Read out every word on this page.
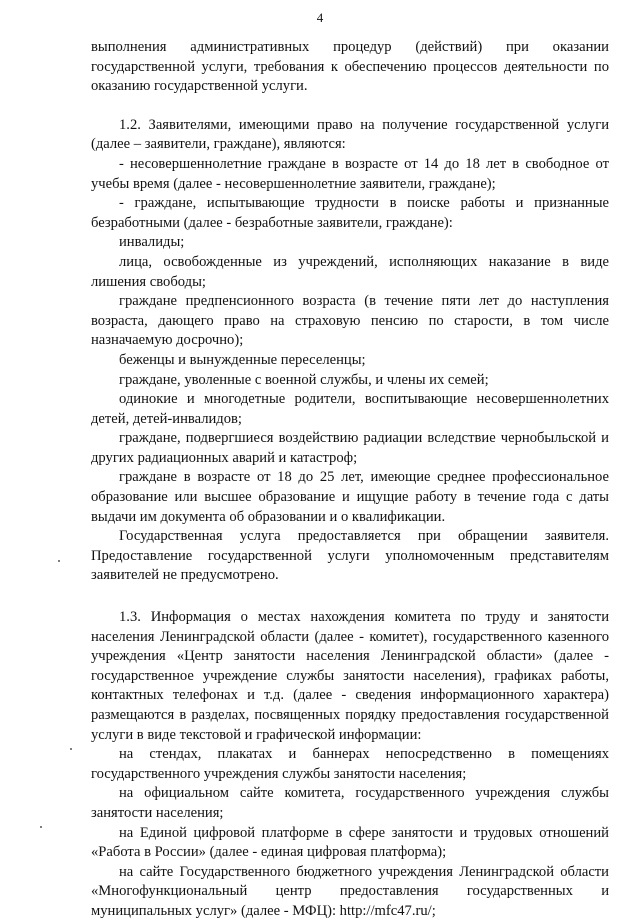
4

выполнения административных процедур (действий) при оказании государственной услуги, требования к обеспечению процессов деятельности по оказанию государственной услуги.

1.2. Заявителями, имеющими право на получение государственной услуги (далее – заявители, граждане), являются:

- несовершеннолетние граждане в возрасте от 14 до 18 лет в свободное от учебы время (далее - несовершеннолетние заявители, граждане);

- граждане, испытывающие трудности в поиске работы и признанные безработными (далее - безработные заявители, граждане):

инвалиды;

лица, освобожденные из учреждений, исполняющих наказание в виде лишения свободы;

граждане предпенсионного возраста (в течение пяти лет до наступления возраста, дающего право на страховую пенсию по старости, в том числе назначаемую досрочно);

беженцы и вынужденные переселенцы;

граждане, уволенные с военной службы, и члены их семей;

одинокие и многодетные родители, воспитывающие несовершеннолетних детей, детей-инвалидов;

граждане, подвергшиеся воздействию радиации вследствие чернобыльской и других радиационных аварий и катастроф;

граждане в возрасте от 18 до 25 лет, имеющие среднее профессиональное образование или высшее образование и ищущие работу в течение года с даты выдачи им документа об образовании и о квалификации.

Государственная услуга предоставляется при обращении заявителя. Предоставление государственной услуги уполномоченным представителям заявителей не предусмотрено.

1.3. Информация о местах нахождения комитета по труду и занятости населения Ленинградской области (далее - комитет), государственного казенного учреждения «Центр занятости населения Ленинградской области» (далее - государственное учреждение службы занятости населения), графиках работы, контактных телефонах и т.д. (далее - сведения информационного характера) размещаются в разделах, посвященных порядку предоставления государственной услуги в виде текстовой и графической информации:

на стендах, плакатах и баннерах непосредственно в помещениях государственного учреждения службы занятости населения;

на официальном сайте комитета, государственного учреждения службы занятости населения;

на Единой цифровой платформе в сфере занятости и трудовых отношений «Работа в России» (далее - единая цифровая платформа);

на сайте Государственного бюджетного учреждения Ленинградской области «Многофункциональный центр предоставления государственных и муниципальных услуг» (далее - МФЦ): http://mfc47.ru/;
